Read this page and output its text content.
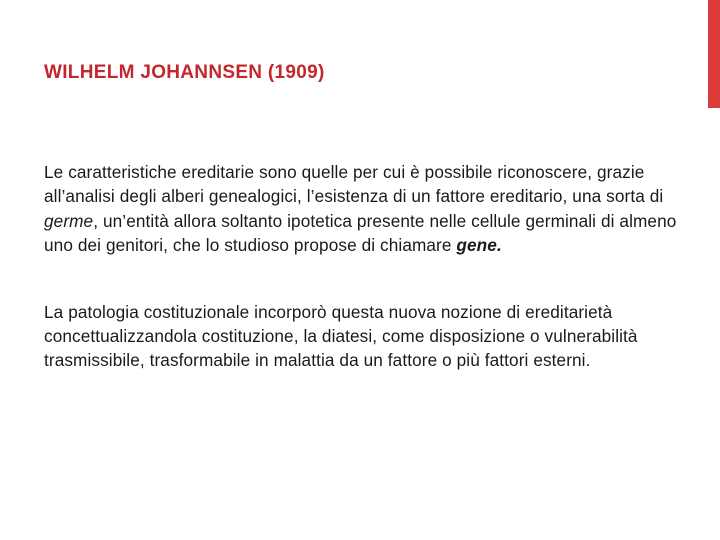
WILHELM JOHANNSEN (1909)

Le caratteristiche ereditarie sono quelle per cui è possibile riconoscere, grazie all’analisi degli alberi genealogici, l’esistenza di un fattore ereditario, una sorta di germe, un’entità allora soltanto ipotetica presente nelle cellule germinali di almeno uno dei genitori, che lo studioso propose di chiamare gene.

La patologia costituzionale incorporò questa nuova nozione di ereditarietà concettualizzandola costituzione, la diatesi, come disposizione o vulnerabilità trasmissibile, trasformabile in malattia da un fattore o più fattori esterni.
